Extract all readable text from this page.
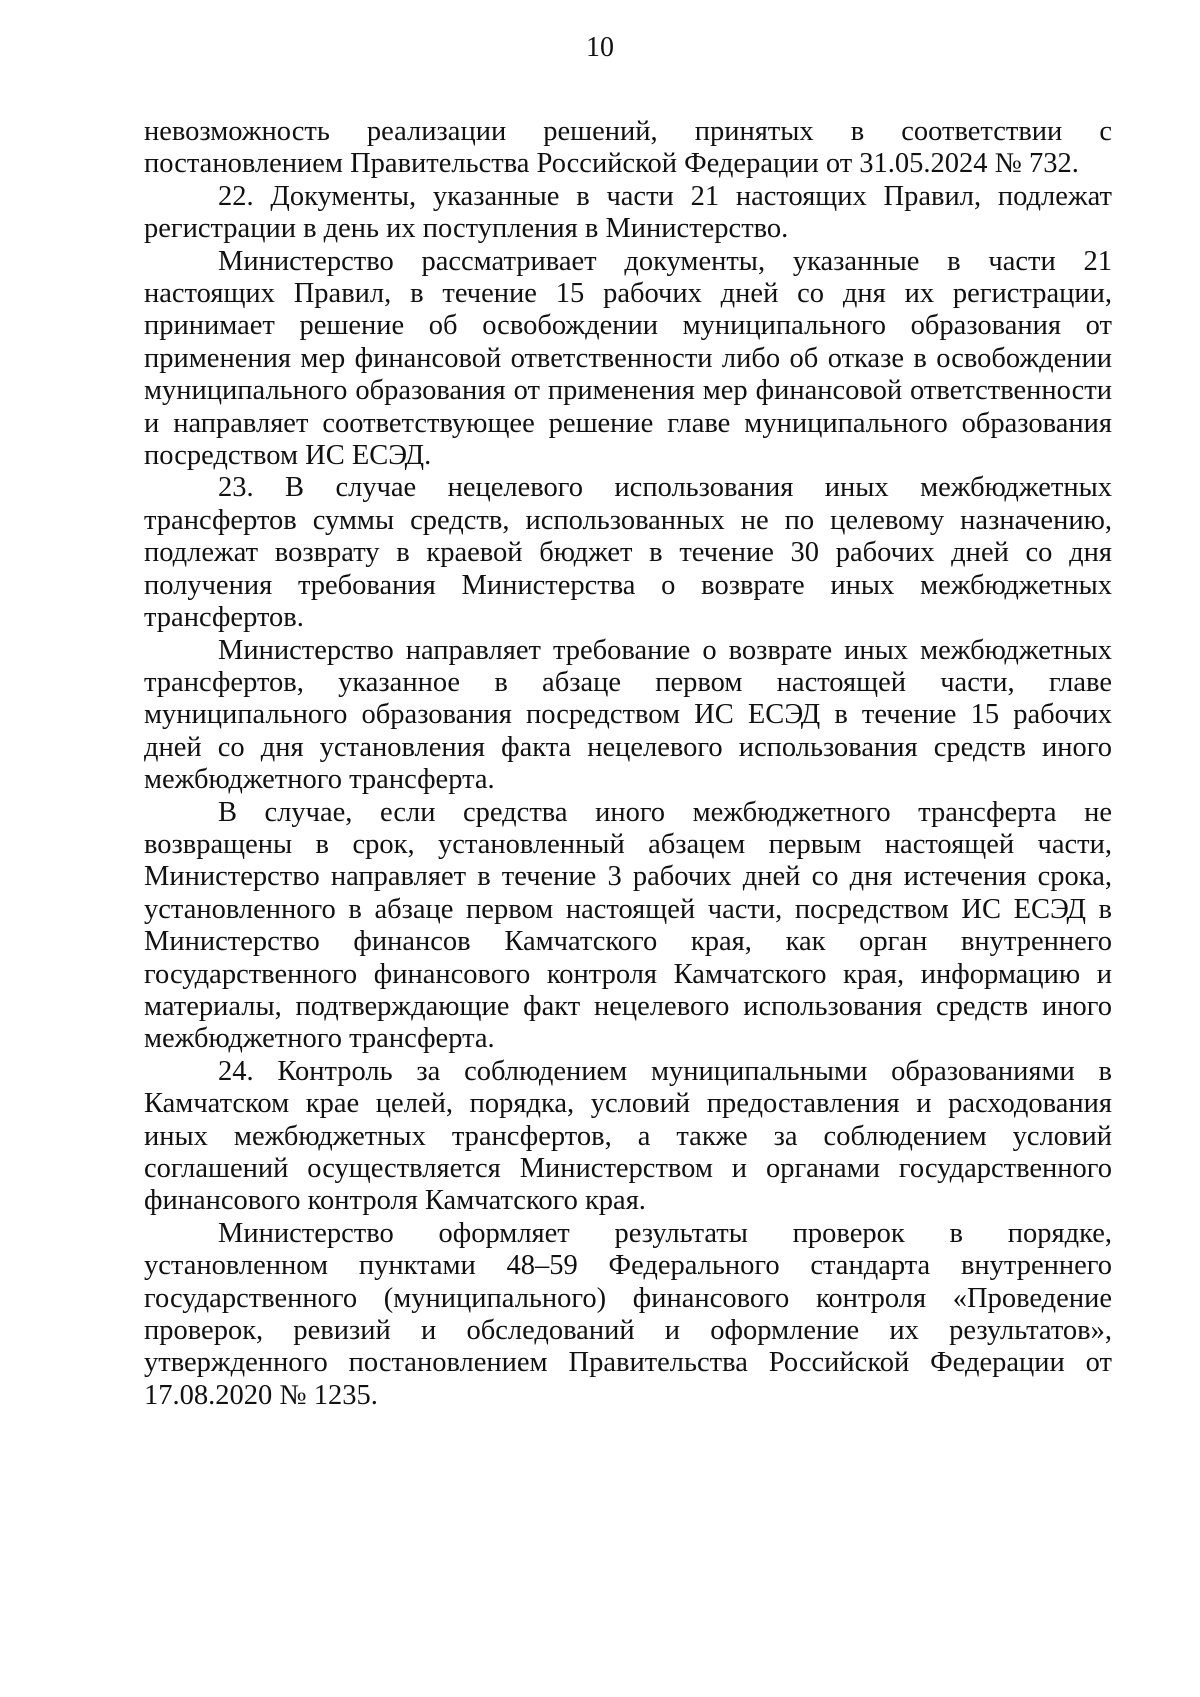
10

невозможность реализации решений, принятых в соответствии с постановлением Правительства Российской Федерации от 31.05.2024 № 732.

22. Документы, указанные в части 21 настоящих Правил, подлежат регистрации в день их поступления в Министерство.

Министерство рассматривает документы, указанные в части 21 настоящих Правил, в течение 15 рабочих дней со дня их регистрации, принимает решение об освобождении муниципального образования от применения мер финансовой ответственности либо об отказе в освобождении муниципального образования от применения мер финансовой ответственности и направляет соответствующее решение главе муниципального образования посредством ИС ЕСЭД.

23. В случае нецелевого использования иных межбюджетных трансфертов суммы средств, использованных не по целевому назначению, подлежат возврату в краевой бюджет в течение 30 рабочих дней со дня получения требования Министерства о возврате иных межбюджетных трансфертов.

Министерство направляет требование о возврате иных межбюджетных трансфертов, указанное в абзаце первом настоящей части, главе муниципального образования посредством ИС ЕСЭД в течение 15 рабочих дней со дня установления факта нецелевого использования средств иного межбюджетного трансферта.

В случае, если средства иного межбюджетного трансферта не возвращены в срок, установленный абзацем первым настоящей части, Министерство направляет в течение 3 рабочих дней со дня истечения срока, установленного в абзаце первом настоящей части, посредством ИС ЕСЭД в Министерство финансов Камчатского края, как орган внутреннего государственного финансового контроля Камчатского края, информацию и материалы, подтверждающие факт нецелевого использования средств иного межбюджетного трансферта.

24. Контроль за соблюдением муниципальными образованиями в Камчатском крае целей, порядка, условий предоставления и расходования иных межбюджетных трансфертов, а также за соблюдением условий соглашений осуществляется Министерством и органами государственного финансового контроля Камчатского края.

Министерство оформляет результаты проверок в порядке, установленном пунктами 48–59 Федерального стандарта внутреннего государственного (муниципального) финансового контроля «Проведение проверок, ревизий и обследований и оформление их результатов», утвержденного постановлением Правительства Российской Федерации от 17.08.2020 № 1235.
